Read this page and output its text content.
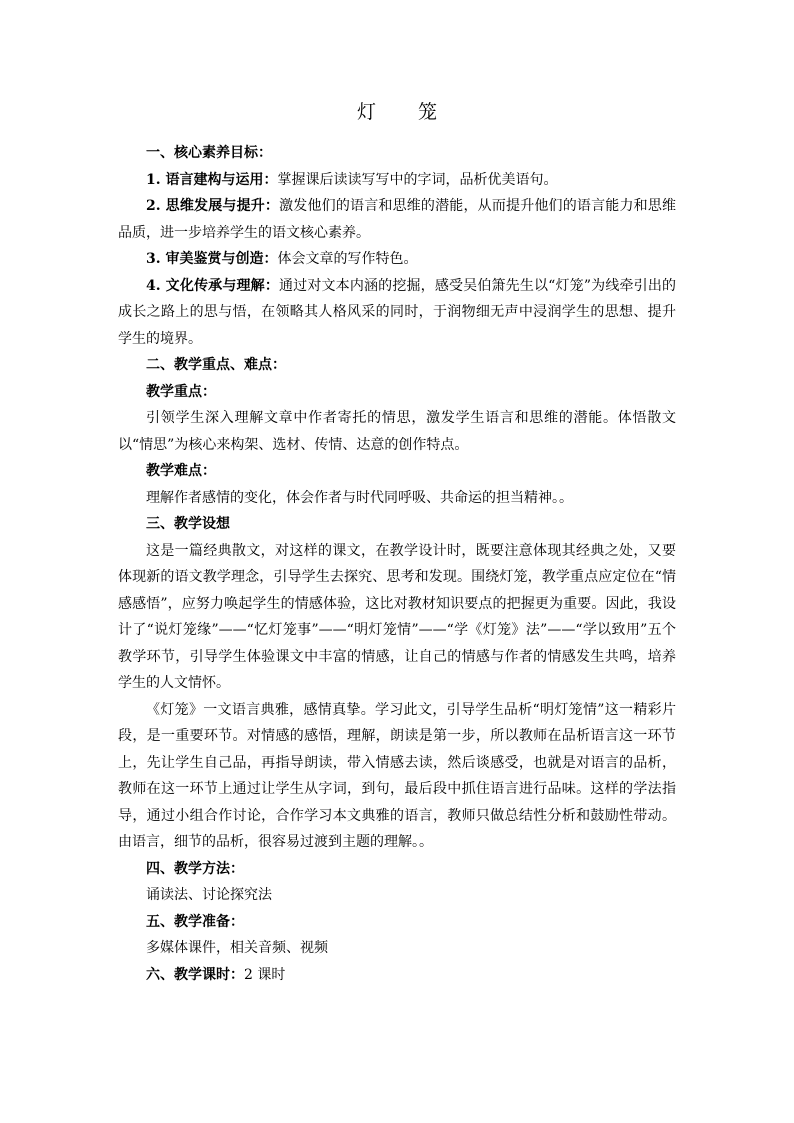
灯 笼

一、核心素养目标：

1. 语言建构与运用：掌握课后读读写写中的字词，品析优美语句。

2. 思维发展与提升：激发他们的语言和思维的潜能，从而提升他们的语言能力和思维品质，进一步培养学生的语文核心素养。

3. 审美鉴赏与创造：体会文章的写作特色。

4. 文化传承与理解：通过对文本内涵的挖掘，感受吴伯箫先生以“灯笼”为线牵引出的成长之路上的思与悟，在领略其人格风采的同时，于润物细无声中浸润学生的思想、提升学生的境界。

二、教学重点、难点：

教学重点：

引领学生深入理解文章中作者寄托的情思，激发学生语言和思维的潜能。体悟散文以“情思”为核心来构架、选材、传情、达意的创作特点。

教学难点：

理解作者感情的变化，体会作者与时代同呼吸、共命运的担当精神。。

三、教学设想

这是一篇经典散文，对这样的课文，在教学设计时，既要注意体现其经典之处，又要体现新的语文教学理念，引导学生去探究、思考和发现。围绕灯笼，教学重点应定位在“情感感悟”，应努力唤起学生的情感体验，这比对教材知识要点的把握更为重要。因此，我设计了“说灯笼缘”——“忆灯笼事”——“明灯笼情”——“学《灯笼》法”——“学以致用”五个教学环节，引导学生体验课文中丰富的情感，让自己的情感与作者的情感发生共鸣，培养学生的人文情怀。

《灯笼》一文语言典雅，感情真挚。学习此文，引导学生品析“明灯笼情”这一精彩片段，是一重要环节。对情感的感悟，理解，朗读是第一步，所以教师在品析语言这一环节上，先让学生自己品，再指导朗读，带入情感去读，然后谈感受，也就是对语言的品析，教师在这一环节上通过让学生从字词，到句，最后段中抓住语言进行品味。这样的学法指导，通过小组合作讨论，合作学习本文典雅的语言，教师只做总结性分析和鼓励性带动。由语言，细节的品析，很容易过渡到主题的理解。。

四、教学方法：

诵读法、讨论探究法

五、教学准备：

多媒体课件，相关音频、视频

六、教学课时：2 课时
